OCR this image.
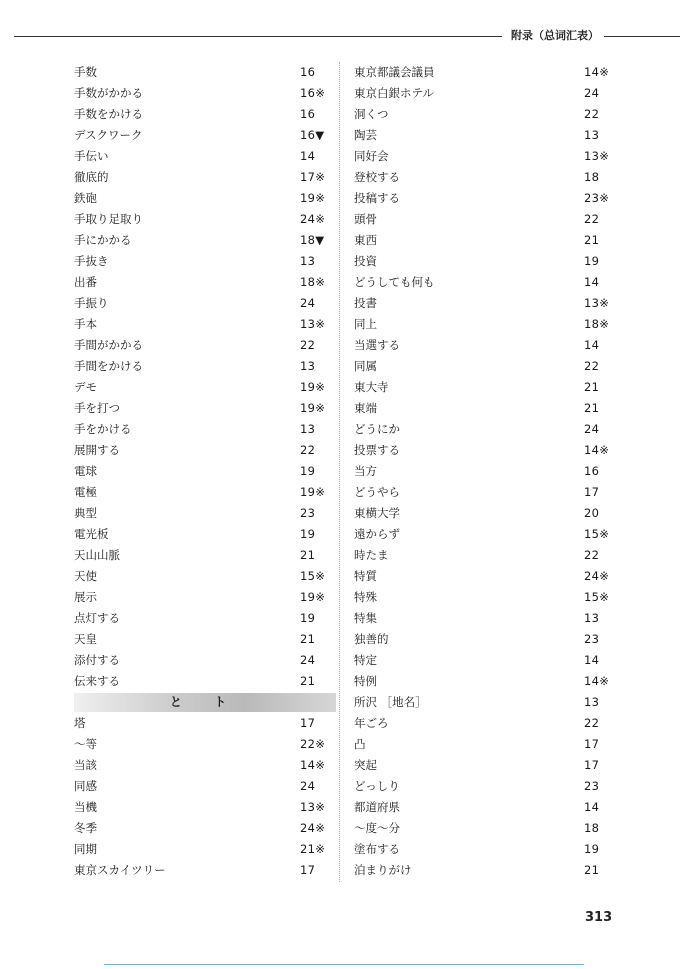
附录（总词汇表）
手数	16
手数がかかる	16※
手数をかける	16
デスクワーク	16▼
手伝い	14
徹底的	17※
鉄砲	19※
手取り足取り	24※
手にかかる	18▼
手抜き	13
出番	18※
手振り	24
手本	13※
手間がかかる	22
手間をかける	13
デモ	19※
手を打つ	19※
手をかける	13
展開する	22
電球	19
電極	19※
典型	23
電光板	19
天山山脈	21
天使	15※
展示	19※
点灯する	19
天皇	21
添付する	24
伝来する	21
と ト
塔	17
～等	22※
当該	14※
同感	24
当機	13※
冬季	24※
同期	21※
東京スカイツリー	17
東京都議会議員	14※
東京白銀ホテル	24
洞くつ	22
陶芸	13
同好会	13※
登校する	18
投稿する	23※
頭骨	22
東西	21
投資	19
どうしても何も	14
投書	13※
同上	18※
当選する	14
同属	22
東大寺	21
東端	21
どうにか	24
投票する	14※
当方	16
どうやら	17
東横大学	20
遠からず	15※
時たま	22
特質	24※
特殊	15※
特集	13
独善的	23
特定	14
特例	14※
所沢 ［地名］	13
年ごろ	22
凸	17
突起	17
どっしり	23
都道府県	14
～度～分	18
塗布する	19
泊まりがけ	21
313
